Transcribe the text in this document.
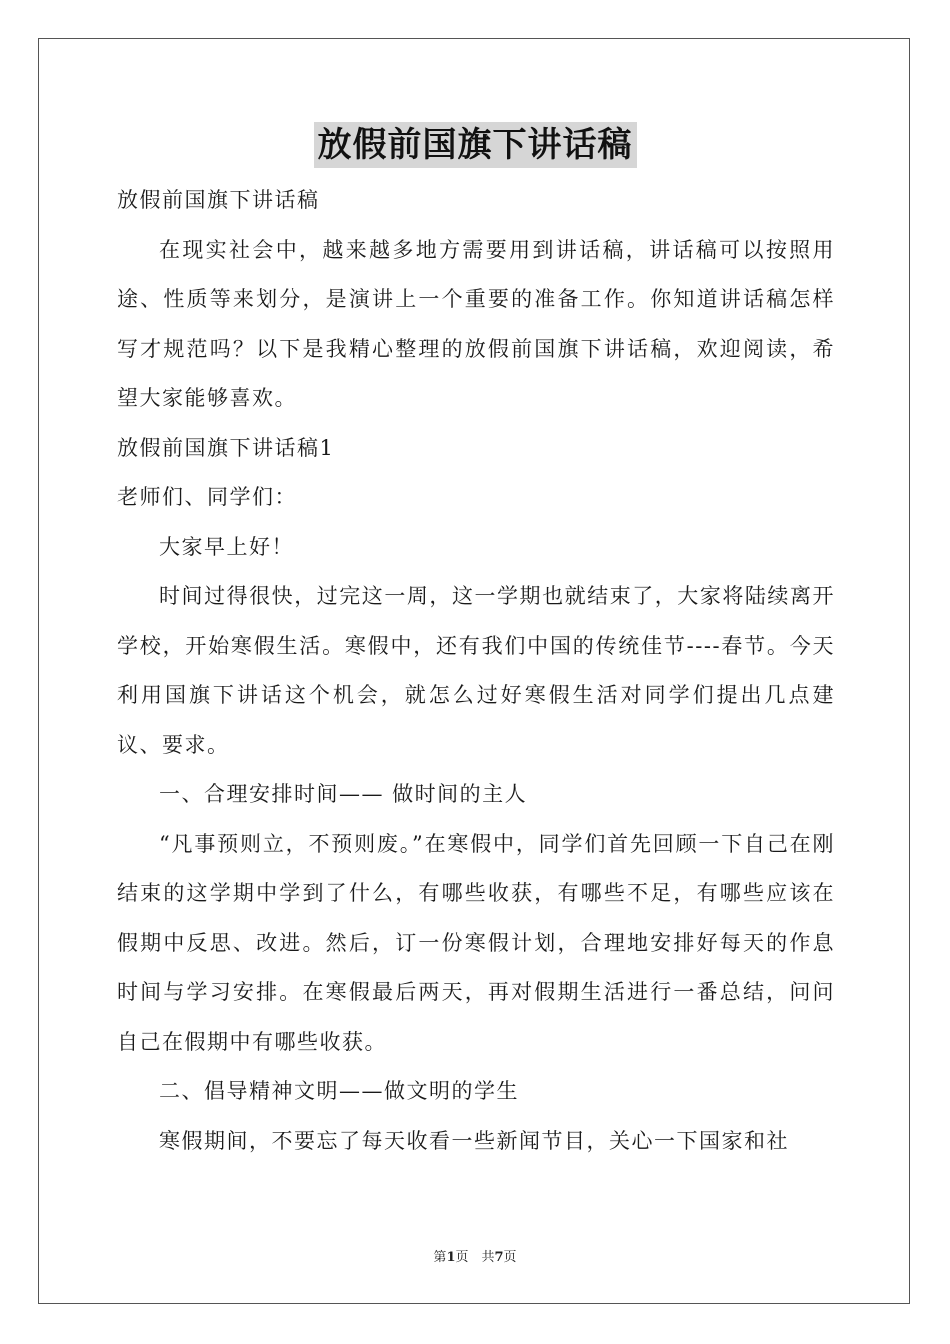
放假前国旗下讲话稿

放假前国旗下讲话稿

在现实社会中，越来越多地方需要用到讲话稿，讲话稿可以按照用途、性质等来划分，是演讲上一个重要的准备工作。你知道讲话稿怎样写才规范吗？以下是我精心整理的放假前国旗下讲话稿，欢迎阅读，希望大家能够喜欢。

放假前国旗下讲话稿1

老师们、同学们：

大家早上好！

时间过得很快，过完这一周，这一学期也就结束了，大家将陆续离开学校，开始寒假生活。寒假中，还有我们中国的传统佳节----春节。今天利用国旗下讲话这个机会，就怎么过好寒假生活对同学们提出几点建议、要求。

一、合理安排时间—— 做时间的主人

“凡事预则立，不预则废。”在寒假中，同学们首先回顾一下自己在刚结束的这学期中学到了什么，有哪些收获，有哪些不足，有哪些应该在假期中反思、改进。然后，订一份寒假计划，合理地安排好每天的作息时间与学习安排。在寒假最后两天，再对假期生活进行一番总结，问问自己在假期中有哪些收获。

二、倡导精神文明——做文明的学生

寒假期间，不要忘了每天收看一些新闻节目，关心一下国家和社

第1页　共7页
